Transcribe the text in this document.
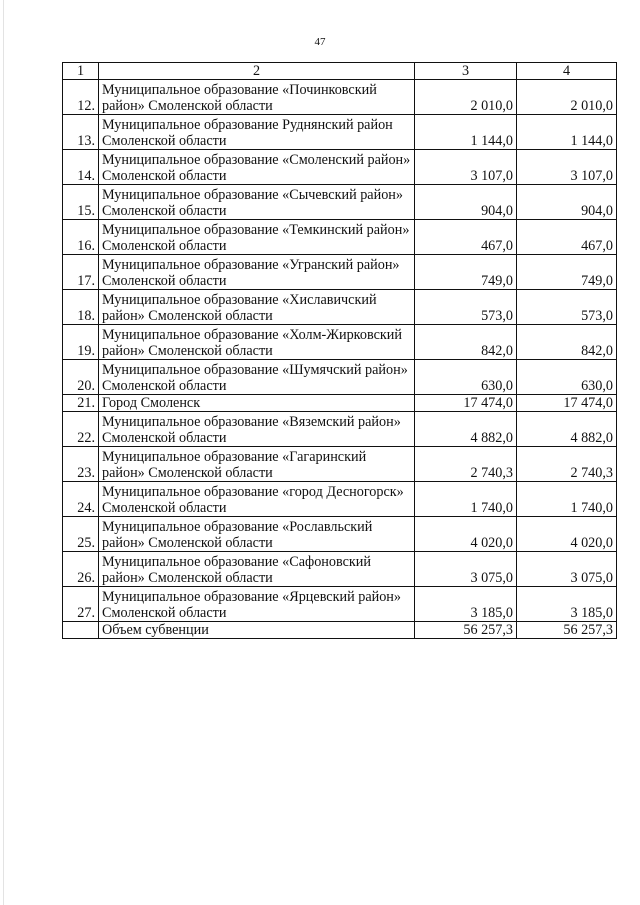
47
1	2	3	4
12.	Муниципальное образование «Починковский район» Смоленской области	2 010,0	2 010,0
13.	Муниципальное образование Руднянский район Смоленской области	1 144,0	1 144,0
14.	Муниципальное образование «Смоленский район» Смоленской области	3 107,0	3 107,0
15.	Муниципальное образование «Сычевский район» Смоленской области	904,0	904,0
16.	Муниципальное образование «Темкинский район» Смоленской области	467,0	467,0
17.	Муниципальное образование «Угранский район» Смоленской области	749,0	749,0
18.	Муниципальное образование «Хиславичский район» Смоленской области	573,0	573,0
19.	Муниципальное образование «Холм-Жирковский район» Смоленской области	842,0	842,0
20.	Муниципальное образование «Шумячский район» Смоленской области	630,0	630,0
21.	Город Смоленск	17 474,0	17 474,0
22.	Муниципальное образование «Вяземский район» Смоленской области	4 882,0	4 882,0
23.	Муниципальное образование «Гагаринский район» Смоленской области	2 740,3	2 740,3
24.	Муниципальное образование «город Десногорск» Смоленской области	1 740,0	1 740,0
25.	Муниципальное образование «Рославльский район» Смоленской области	4 020,0	4 020,0
26.	Муниципальное образование «Сафоновский район» Смоленской области	3 075,0	3 075,0
27.	Муниципальное образование «Ярцевский район» Смоленской области	3 185,0	3 185,0
	Объем субвенции	56 257,3	56 257,3
